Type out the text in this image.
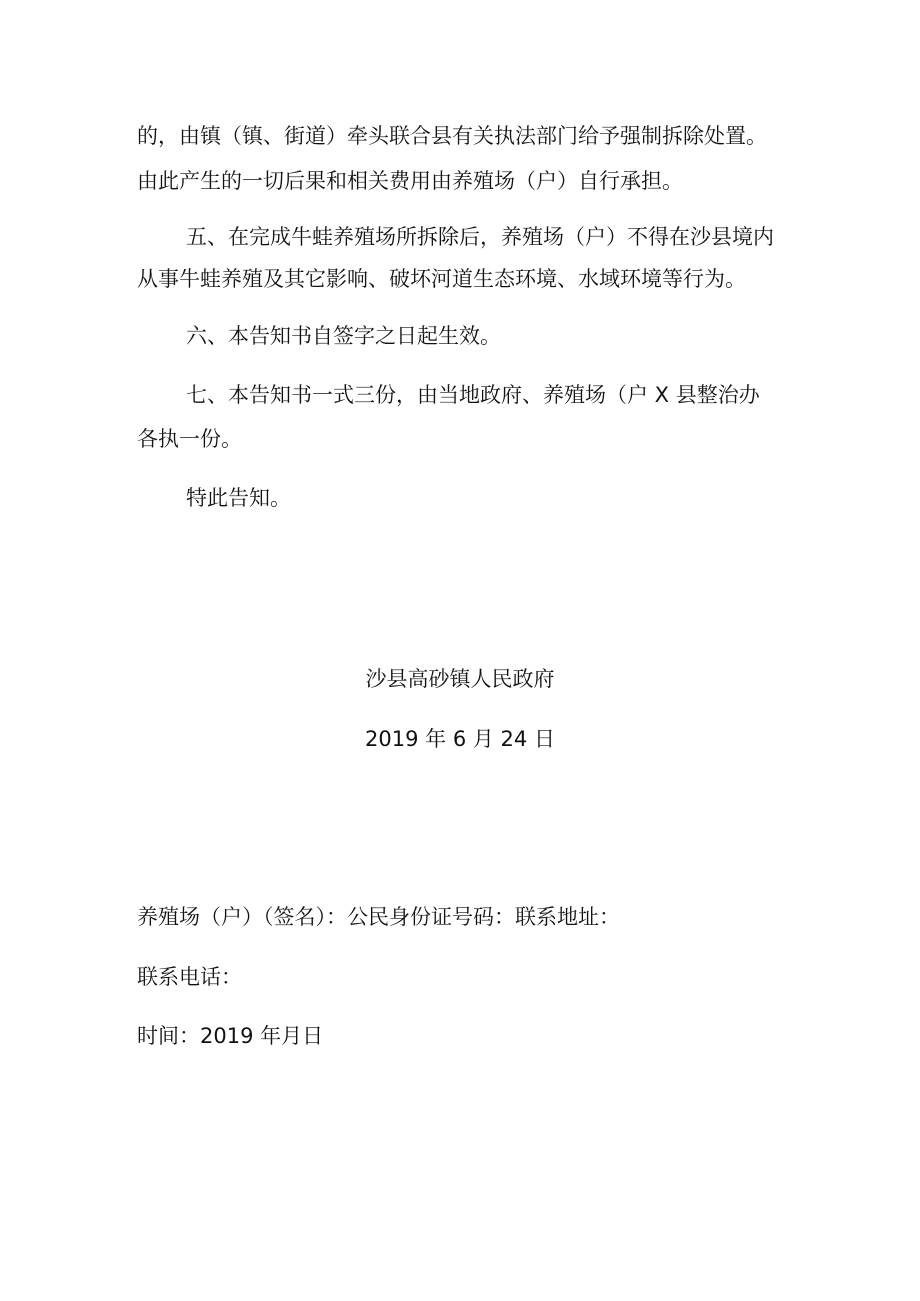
的，由镇（镇、街道）牵头联合县有关执法部门给予强制拆除处置。
由此产生的一切后果和相关费用由养殖场（户）自行承担。
五、在完成牛蛙养殖场所拆除后，养殖场（户）不得在沙县境内
从事牛蛙养殖及其它影响、破坏河道生态环境、水域环境等行为。
六、本告知书自签字之日起生效。
七、本告知书一式三份，由当地政府、养殖场（户 X 县整治办
各执一份。
特此告知。
沙县高砂镇人民政府
2019 年 6 月 24 日
养殖场（户）（签名）：公民身份证号码：联系地址：
联系电话：
时间：2019 年月日
